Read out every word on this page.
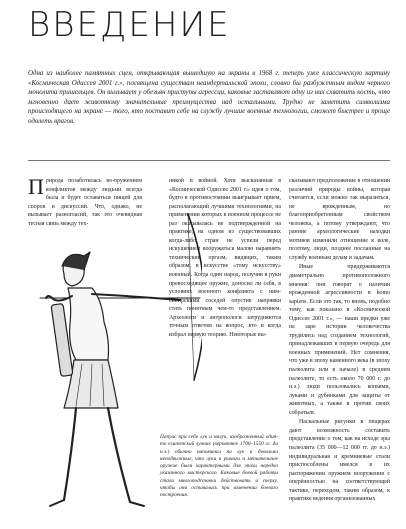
ВВЕДЕНИЕ

Одна из наиболее памятных сцен, открывающая вышедшую на экраны в 1968 г. теперь уже классическую картину «Космическая Одиссея 2001 г.», посвящена существам неандертальской эпохи, словно бы разбуженным видом черного монолита пришельцев. Он вызывает у обезьян приступы агрессии, каковые заставляют одну из них схватить кость, что мгновенно дает животному значительные преимущества над остальными. Трудно не заметить символизма происходящего на экране — того, кто поставит себе на службу лучшие военные технологии, сможет быстрее и проще одолеть врагов.

Природа позаботилась во-оружением конфликтов между людьми всегда была и будет оставаться пищей для споров и дискуссий. Что, однако, не вызывает разногласий, так это очевидная тесная связь между тех-

никой и войной. Хотя высказанная в «Космической Одиссее 2001 г.» идея о том, будто в противостоянии выигрывает прием, располагающий лучшими технологиями, на применении которых в военном процессе не раз оказывалась не подтвержденной на практике, на одном из существовавших когда-либо стран не успели перед искушением вооружаться малою наравнять технический оргазм, видящих, таким образом, в искусстве «тому искусству» военный. Когда один народ, получив в руки превосходящее оружие, доносил ли себя, в условиях военного конфликта с ним-сибирскими соседей опустив напрявки стать понятным чем-то представлением. Археологи и антропологи затрудняются точным ответом на вопрос, кто и когда избрал первую теорию. Некоторые вы-

сказывают предположение в отношении различий природы войны, которая считается, если можно так выразиться, не врожденным, но благоприобретенным свойством человека, а потому утверждают, что ранние археологические находки мотивов изменили отношение к воле, поэтому, люди, позднее посланные на службу военным делам и задачам.

Иные придерживаются диаметрально противоположного мнения: они говорят о наличии врожденной агрессивности в homo sapiens. Если это так, то вновь, подобно тому, как показано в «Космической Одиссее 2001 г.», — наши предки уже на заре истории человечества трудились над созданием технологий, принадлежавших в первую очередь для военных применений. Нет сомнения, что уже в эпоху каменного века (в эпоху палеолита или в начале) в среднем палеолите, то есть около 70 000 г. до н.э.) люди пользовались копьями, луками и дубинками для защиты от животных, а также в против своих собратьев.

Наскальные рисунки в пещерах дают возможность составить представление о том, как на исходе эры палеолита (35 000—12 000 гг. до н.э.) индивидуальная и кремниевые стали приспособлены имелся в их распоряжении оружием вооружения с оперённостью на соответствующей тактике, переходом, таким образом, к практике ведения организованных

Папуас при себе лук и налуч, изображенный один-то египетский лучник (вероятнее 1700–1550 гг. до н.э.) обычно напоминал на лук и довольно неподвижные, что луки и рычаги и метательное оружие были характерными для эпохи нередко указанного мастерского. Каковые боевой работы стали многоподставки действовать и сверху, чтобы они оставались при изменении боевого построения.
